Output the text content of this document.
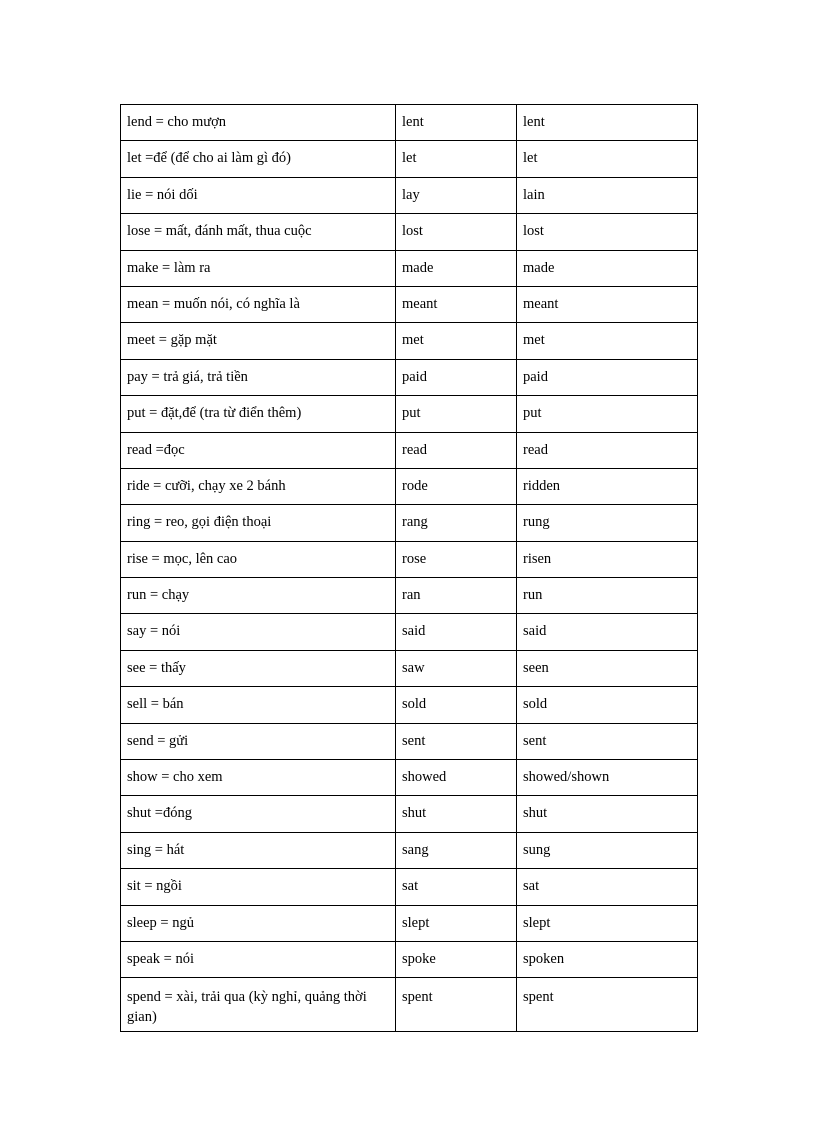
lend = cho mượn	lent	lent
let =để (để cho ai làm gì đó)	let	let
lie = nói dối	lay	lain
lose = mất, đánh mất, thua cuộc	lost	lost
make = làm ra	made	made
mean = muốn nói, có nghĩa là	meant	meant
meet = gặp mặt	met	met
pay = trả giá, trả tiền	paid	paid
put = đặt,để (tra từ điển thêm)	put	put
read =đọc	read	read
ride = cưỡi, chạy xe 2 bánh	rode	ridden
ring = reo, gọi điện thoại	rang	rung
rise = mọc, lên cao	rose	risen
run = chạy	ran	run
say = nói	said	said
see = thấy	saw	seen
sell = bán	sold	sold
send = gửi	sent	sent
show = cho xem	showed	showed/shown
shut =đóng	shut	shut
sing = hát	sang	sung
sit = ngồi	sat	sat
sleep = ngủ	slept	slept
speak = nói	spoke	spoken
spend = xài, trải qua (kỳ nghỉ, quảng thời gian)	spent	spent
